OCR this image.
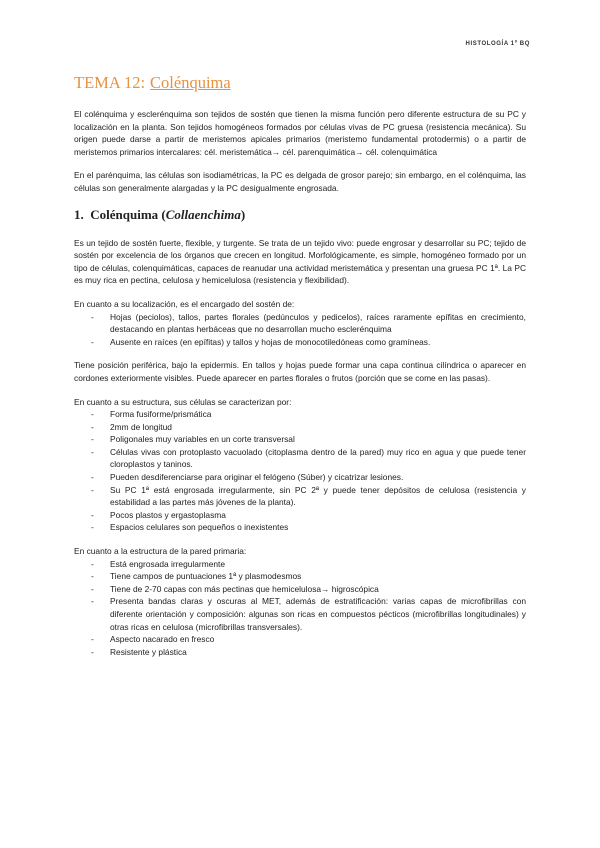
HISTOLOGÍA 1º BQ
TEMA 12: Colénquima

El colénquima y esclerénquima son tejidos de sostén que tienen la misma función pero diferente estructura de su PC y localización en la planta. Son tejidos homogéneos formados por células vivas de PC gruesa (resistencia mecánica). Su origen puede darse a partir de meristemos apicales primarios (meristemo fundamental protodermis) o a partir de meristemos primarios intercalares: cél. meristemática→ cél. parenquimática→ cél. colenquimática

En el parénquima, las células son isodiamétricas, la PC es delgada de grosor parejo; sin embargo, en el colénquima, las células son generalmente alargadas y la PC desigualmente engrosada.

1. Colénquima (Collaenchima)

Es un tejido de sostén fuerte, flexible, y turgente. Se trata de un tejido vivo: puede engrosar y desarrollar su PC; tejido de sostén por excelencia de los órganos que crecen en longitud. Morfológicamente, es simple, homogéneo formado por un tipo de células, colenquimáticas, capaces de reanudar una actividad meristemática y presentan una gruesa PC 1ª. La PC es muy rica en pectina, celulosa y hemicelulosa (resistencia y flexibilidad).

En cuanto a su localización, es el encargado del sostén de:

- Hojas (peciolos), tallos, partes florales (pedúnculos y pedicelos), raíces raramente epífitas en crecimiento, destacando en plantas herbáceas que no desarrollan mucho esclerénquima
- Ausente en raíces (en epífitas) y tallos y hojas de monocotiledóneas como gramíneas.

Tiene posición periférica, bajo la epidermis. En tallos y hojas puede formar una capa continua cilíndrica o aparecer en cordones exteriormente visibles. Puede aparecer en partes florales o frutos (porción que se come en las pasas).

En cuanto a su estructura, sus células se caracterizan por:

- Forma fusiforme/prismática
- 2mm de longitud
- Poligonales muy variables en un corte transversal
- Células vivas con protoplasto vacuolado (citoplasma dentro de la pared) muy rico en agua y que puede tener cloroplastos y taninos.
- Pueden desdiferenciarse para originar el felógeno (Súber) y cicatrizar lesiones.
- Su PC 1ª está engrosada irregularmente, sin PC 2ª y puede tener depósitos de celulosa (resistencia y estabilidad a las partes más jóvenes de la planta).
- Pocos plastos y ergastoplasma
- Espacios celulares son pequeños o inexistentes

En cuanto a la estructura de la pared primaria:

- Está engrosada irregularmente
- Tiene campos de puntuaciones 1ª y plasmodesmos
- Tiene de 2-70 capas con más pectinas que hemicelulosa→ higroscópica
- Presenta bandas claras y oscuras al MET, además de estratificación: varias capas de microfibrillas con diferente orientación y composición: algunas son ricas en compuestos pécticos (microfibrillas longitudinales) y otras ricas en celulosa (microfibrillas transversales).
- Aspecto nacarado en fresco
- Resistente y plástica
